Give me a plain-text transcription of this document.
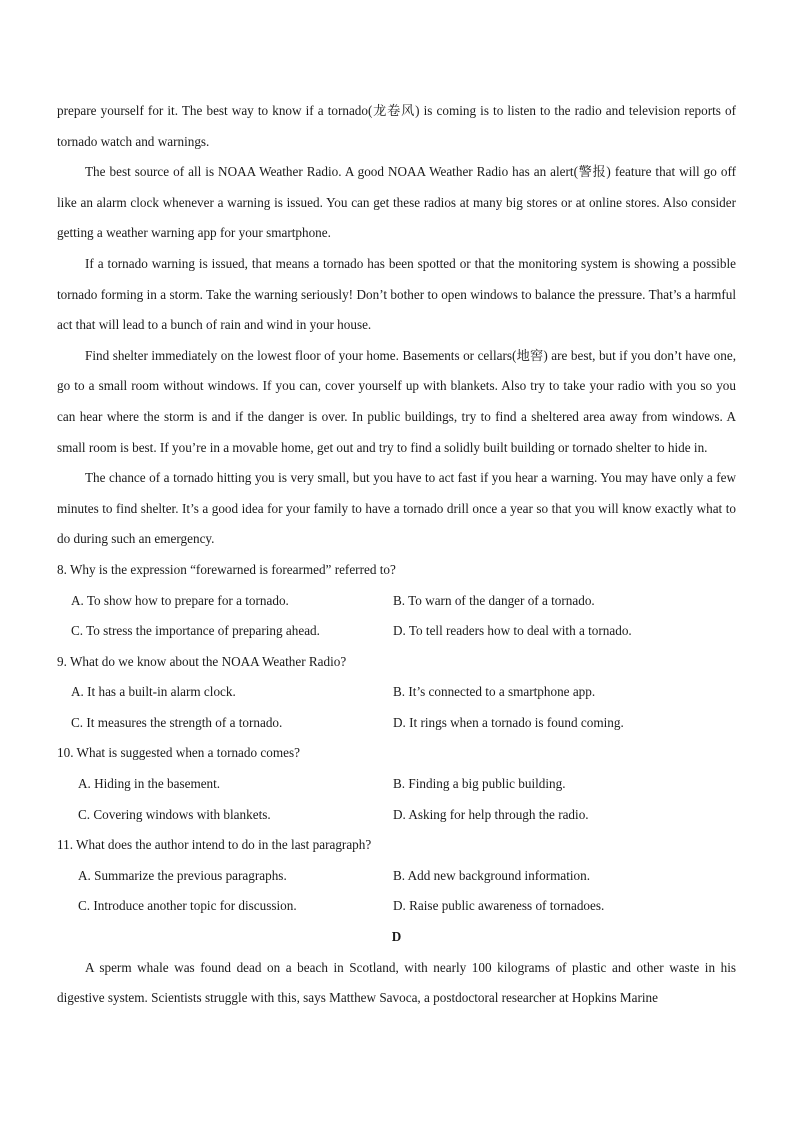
prepare yourself for it. The best way to know if a tornado(龙卷风) is coming is to listen to the radio and television reports of tornado watch and warnings.

The best source of all is NOAA Weather Radio. A good NOAA Weather Radio has an alert(警报) feature that will go off like an alarm clock whenever a warning is issued. You can get these radios at many big stores or at online stores. Also consider getting a weather warning app for your smartphone.

If a tornado warning is issued, that means a tornado has been spotted or that the monitoring system is showing a possible tornado forming in a storm. Take the warning seriously! Don’t bother to open windows to balance the pressure. That’s a harmful act that will lead to a bunch of rain and wind in your house.

Find shelter immediately on the lowest floor of your home. Basements or cellars(地窖) are best, but if you don’t have one, go to a small room without windows. If you can, cover yourself up with blankets. Also try to take your radio with you so you can hear where the storm is and if the danger is over. In public buildings, try to find a sheltered area away from windows. A small room is best. If you’re in a movable home, get out and try to find a solidly built building or tornado shelter to hide in.

The chance of a tornado hitting you is very small, but you have to act fast if you hear a warning. You may have only a few minutes to find shelter. It’s a good idea for your family to have a tornado drill once a year so that you will know exactly what to do during such an emergency.

8. Why is the expression “forewarned is forearmed” referred to?

A. To show how to prepare for a tornado.	B. To warn of the danger of a tornado.
C. To stress the importance of preparing ahead.	D. To tell readers how to deal with a tornado.

9. What do we know about the NOAA Weather Radio?

A. It has a built-in alarm clock.	B. It’s connected to a smartphone app.
C. It measures the strength of a tornado.	D. It rings when a tornado is found coming.

10. What is suggested when a tornado comes?

A. Hiding in the basement.	B. Finding a big public building.
C. Covering windows with blankets.	D. Asking for help through the radio.

11. What does the author intend to do in the last paragraph?

A. Summarize the previous paragraphs.	B. Add new background information.
C. Introduce another topic for discussion.	D. Raise public awareness of tornadoes.

D

A sperm whale was found dead on a beach in Scotland, with nearly 100 kilograms of plastic and other waste in his digestive system. Scientists struggle with this, says Matthew Savoca, a postdoctoral researcher at Hopkins Marine
